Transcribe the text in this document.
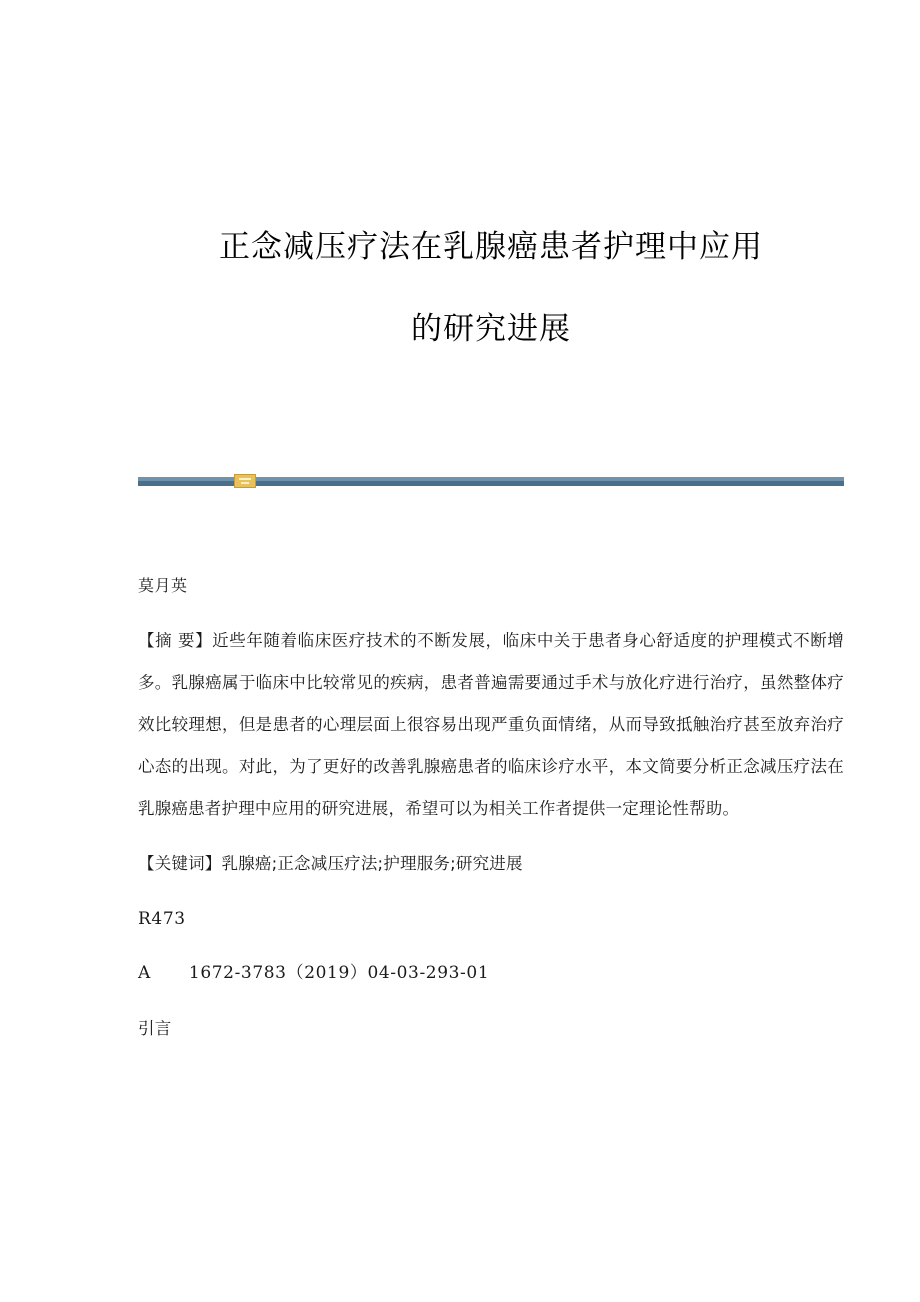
正念减压疗法在乳腺癌患者护理中应用
的研究进展
莫月英
【摘 要】近些年随着临床医疗技术的不断发展，临床中关于患者身心舒适度的护理模式不断增多。乳腺癌属于临床中比较常见的疾病，患者普遍需要通过手术与放化疗进行治疗，虽然整体疗效比较理想，但是患者的心理层面上很容易出现严重负面情绪，从而导致抵触治疗甚至放弃治疗心态的出现。对此，为了更好的改善乳腺癌患者的临床诊疗水平，本文简要分析正念减压疗法在乳腺癌患者护理中应用的研究进展，希望可以为相关工作者提供一定理论性帮助。
【关键词】乳腺癌;正念减压疗法;护理服务;研究进展
R473
A 1672-3783（2019）04-03-293-01
引言
